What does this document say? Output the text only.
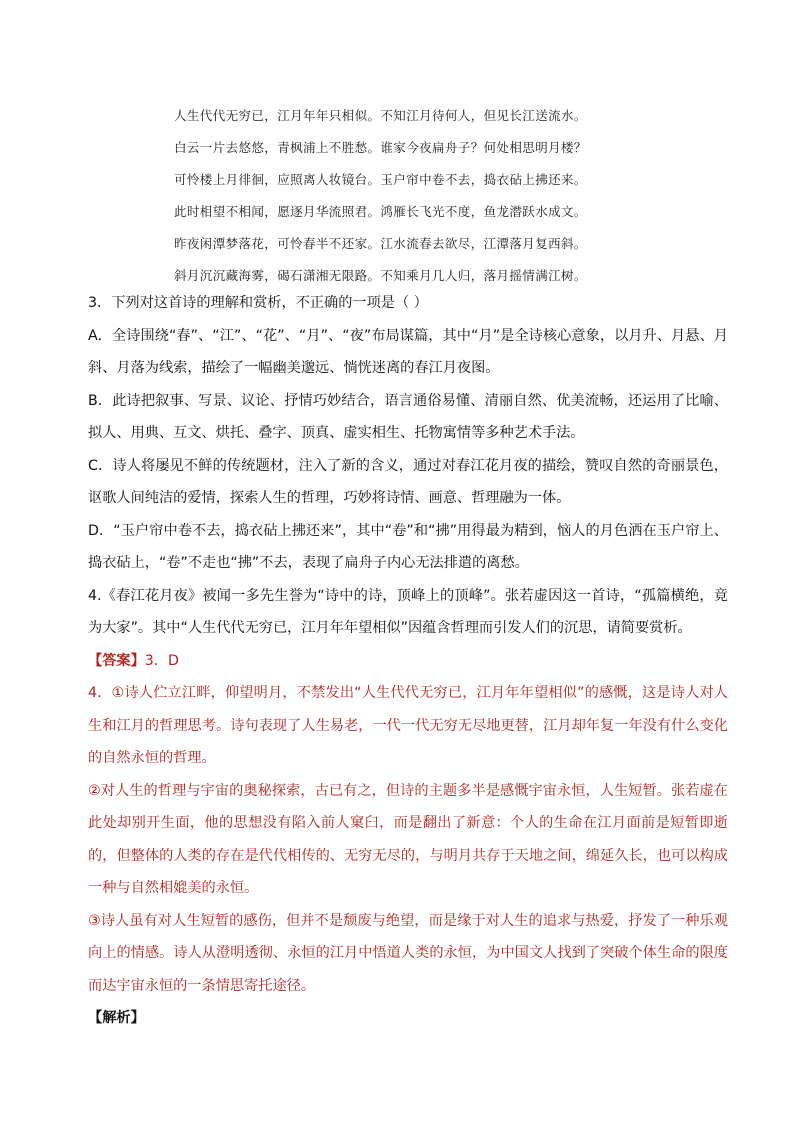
人生代代无穷已，江月年年只相似。不知江月待何人，但见长江送流水。
白云一片去悠悠，青枫浦上不胜愁。谁家今夜扁舟子？何处相思明月楼？
可怜楼上月徘徊，应照离人妆镜台。玉户帘中卷不去，捣衣砧上拂还来。
此时相望不相闻，愿逐月华流照君。鸿雁长飞光不度，鱼龙潜跃水成文。
昨夜闲潭梦落花，可怜春半不还家。江水流春去欲尽，江潭落月复西斜。
斜月沉沉藏海雾，碣石潇湘无限路。不知乘月几人归，落月摇情满江树。

3．下列对这首诗的理解和赏析，不正确的一项是（ ）

A．全诗围绕“春”、“江”、“花”、“月”、“夜”布局谋篇，其中“月”是全诗核心意象，以月升、月悬、月斜、月落为线索，描绘了一幅幽美邈远、惝恍迷离的春江月夜图。

B．此诗把叙事、写景、议论、抒情巧妙结合，语言通俗易懂、清丽自然、优美流畅，还运用了比喻、拟人、用典、互文、烘托、叠字、顶真、虚实相生、托物寓情等多种艺术手法。

C．诗人将屡见不鲜的传统题材，注入了新的含义，通过对春江花月夜的描绘，赞叹自然的奇丽景色，讴歌人间纯洁的爱情，探索人生的哲理，巧妙将诗情、画意、哲理融为一体。

D．“玉户帘中卷不去，捣衣砧上拂还来”，其中“卷”和“拂”用得最为精到，恼人的月色洒在玉户帘上、捣衣砧上，“卷”不走也“拂”不去，表现了扁舟子内心无法排遣的离愁。

4.《春江花月夜》被闻一多先生誉为“诗中的诗，顶峰上的顶峰”。张若虚因这一首诗，“孤篇横绝，竟为大家”。其中“人生代代无穷已，江月年年望相似”因蕴含哲理而引发人们的沉思，请简要赏析。

【答案】3．D

4．①诗人伫立江畔，仰望明月，不禁发出“人生代代无穷已，江月年年望相似”的感慨，这是诗人对人生和江月的哲理思考。诗句表现了人生易老，一代一代无穷无尽地更替，江月却年复一年没有什么变化的自然永恒的哲理。

②对人生的哲理与宇宙的奥秘探索，古已有之，但诗的主题多半是感慨宇宙永恒，人生短暂。张若虚在此处却别开生面，他的思想没有陷入前人窠臼，而是翻出了新意：个人的生命在江月面前是短暂即逝的，但整体的人类的存在是代代相传的、无穷无尽的，与明月共存于天地之间，绵延久长，也可以构成一种与自然相媲美的永恒。

③诗人虽有对人生短暂的感伤，但并不是颓废与绝望，而是缘于对人生的追求与热爱，抒发了一种乐观向上的情感。诗人从澄明透彻、永恒的江月中悟道人类的永恒，为中国文人找到了突破个体生命的限度而达宇宙永恒的一条情思寄托途径。

【解析】
